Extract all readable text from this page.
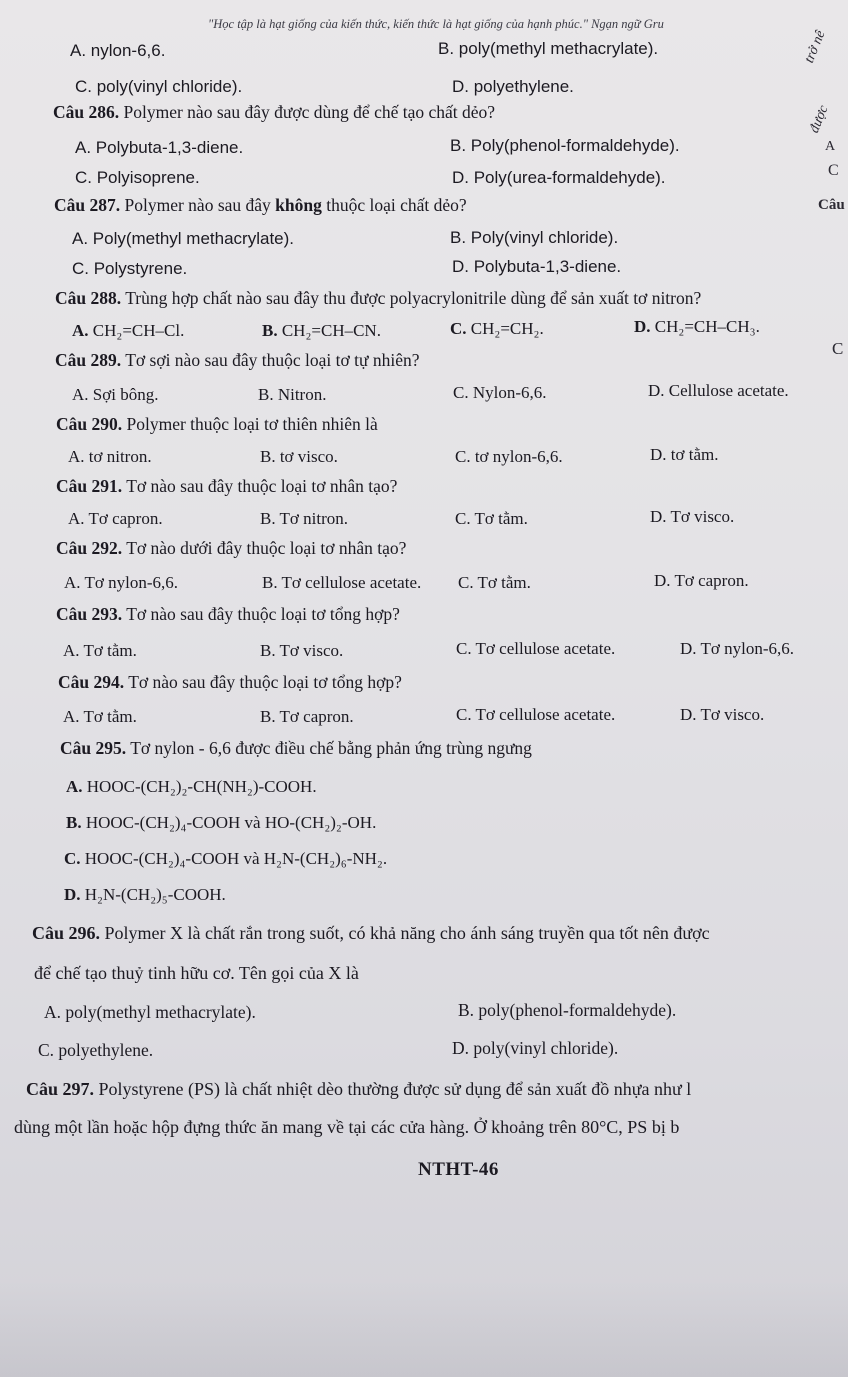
"Học tập là hạt giống của kiến thức, kiến thức là hạt giống của hạnh phúc." Ngạn ngữ Gru
A. nylon-6,6.	B. poly(methyl methacrylate).
C. poly(vinyl chloride).	D. polyethylene.
trở nê
được
A
C
Câu
C
Câu 286. Polymer nào sau đây được dùng để chế tạo chất dẻo?
A. Polybuta-1,3-diene.	B. Poly(phenol-formaldehyde).
C. Polyisoprene.	D. Poly(urea-formaldehyde).
Câu 287. Polymer nào sau đây không thuộc loại chất dẻo?
A. Poly(methyl methacrylate).	B. Poly(vinyl chloride).
C. Polystyrene.	D. Polybuta-1,3-diene.
Câu 288. Trùng hợp chất nào sau đây thu được polyacrylonitrile dùng để sản xuất tơ nitron?
A. CH₂=CH–Cl.	B. CH₂=CH–CN.	C. CH₂=CH₂.	D. CH₂=CH–CH₃.
Câu 289. Tơ sợi nào sau đây thuộc loại tơ tự nhiên?
A. Sợi bông.	B. Nitron.	C. Nylon-6,6.	D. Cellulose acetate.
Câu 290. Polymer thuộc loại tơ thiên nhiên là
A. tơ nitron.	B. tơ visco.	C. tơ nylon-6,6.	D. tơ tằm.
Câu 291. Tơ nào sau đây thuộc loại tơ nhân tạo?
A. Tơ capron.	B. Tơ nitron.	C. Tơ tằm.	D. Tơ visco.
Câu 292. Tơ nào dưới đây thuộc loại tơ nhân tạo?
A. Tơ nylon-6,6.	B. Tơ cellulose acetate. C. Tơ tằm.	D. Tơ capron.
Câu 293. Tơ nào sau đây thuộc loại tơ tổng hợp?
A. Tơ tằm.	B. Tơ visco.	C. Tơ cellulose acetate.	D. Tơ nylon-6,6.
Câu 294. Tơ nào sau đây thuộc loại tơ tổng hợp?
A. Tơ tằm.	B. Tơ capron.	C. Tơ cellulose acetate.	D. Tơ visco.
Câu 295. Tơ nylon - 6,6 được điều chế bằng phản ứng trùng ngưng
A. HOOC-(CH₂)₂-CH(NH₂)-COOH.
B. HOOC-(CH₂)₄-COOH và HO-(CH₂)₂-OH.
C. HOOC-(CH₂)₄-COOH và H₂N-(CH₂)₆-NH₂.
D. H₂N-(CH₂)₅-COOH.
Câu 296. Polymer X là chất rắn trong suốt, có khả năng cho ánh sáng truyền qua tốt nên được
để chế tạo thuỷ tinh hữu cơ. Tên gọi của X là
A. poly(methyl methacrylate).	B. poly(phenol-formaldehyde).
C. polyethylene.	D. poly(vinyl chloride).
Câu 297. Polystyrene (PS) là chất nhiệt dèo thường được sử dụng để sản xuất đồ nhựa như l
dùng một lần hoặc hộp đựng thức ăn mang về tại các cửa hàng. Ở khoảng trên 80°C, PS bị b
NTHT-46
